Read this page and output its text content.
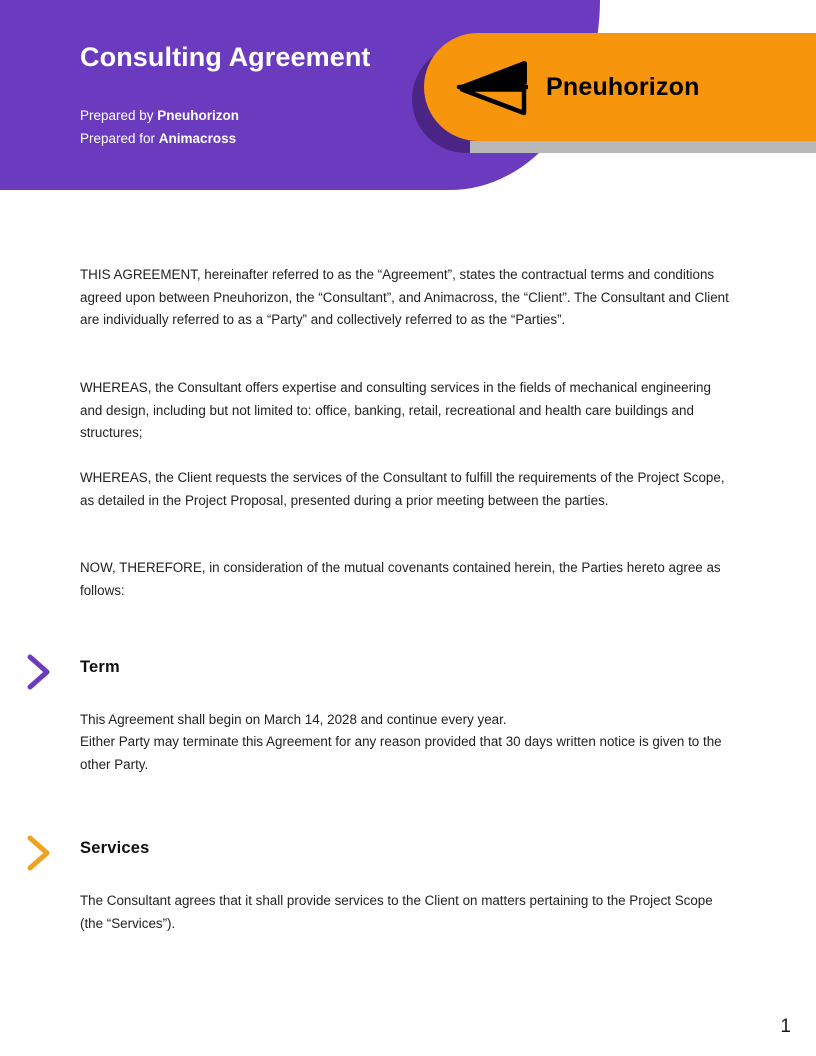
Consulting Agreement
Prepared by Pneuhorizon
Prepared for Animacross
Pneuhorizon
THIS AGREEMENT, hereinafter referred to as the “Agreement”, states the contractual terms and conditions agreed upon between Pneuhorizon, the “Consultant”, and Animacross, the “Client”. The Consultant and Client are individually referred to as a “Party” and collectively referred to as the “Parties”.
WHEREAS, the Consultant offers expertise and consulting services in the fields of mechanical engineering and design, including but not limited to: office, banking, retail, recreational and health care buildings and structures;
WHEREAS, the Client requests the services of the Consultant to fulfill the requirements of the Project Scope, as detailed in the Project Proposal, presented during a prior meeting between the parties.
NOW, THEREFORE, in consideration of the mutual covenants contained herein, the Parties hereto agree as follows:
Term
This Agreement shall begin on March 14, 2028 and continue every year.
Either Party may terminate this Agreement for any reason provided that 30 days written notice is given to the other Party.
Services
The Consultant agrees that it shall provide services to the Client on matters pertaining to the Project Scope (the “Services”).
1
